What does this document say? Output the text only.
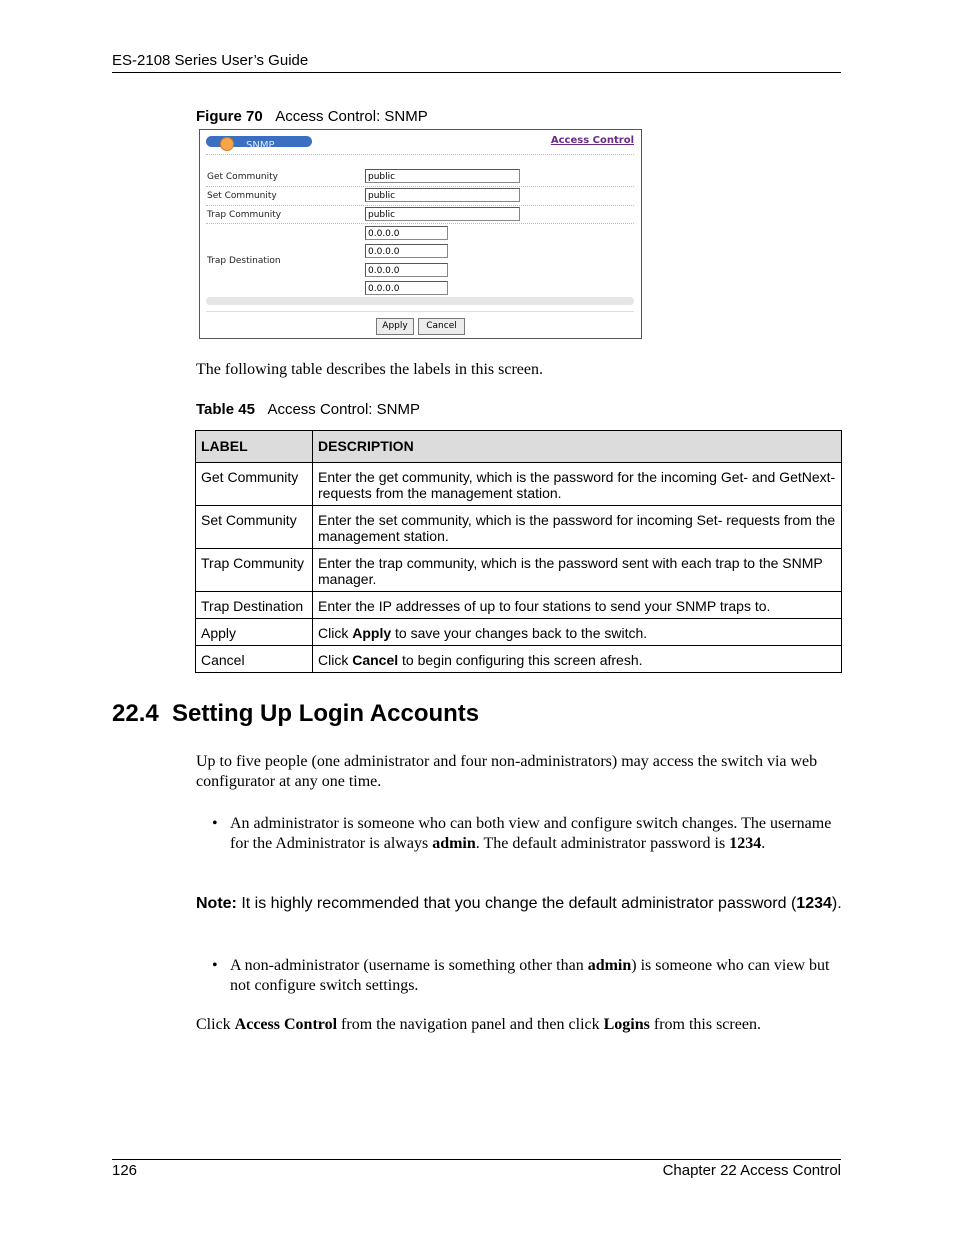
ES-2108 Series User’s Guide
Figure 70 Access Control: SNMP
SNMP	Access Control
Get Community	public
Set Community	public
Trap Community	public
Trap Destination
0.0.0.0
0.0.0.0
0.0.0.0
0.0.0.0
Apply	Cancel
The following table describes the labels in this screen.
Table 45 Access Control: SNMP
LABEL	DESCRIPTION
Get Community	Enter the get community, which is the password for the incoming Get- and GetNext- requests from the management station.
Set Community	Enter the set community, which is the password for incoming Set- requests from the management station.
Trap Community	Enter the trap community, which is the password sent with each trap to the SNMP manager.
Trap Destination	Enter the IP addresses of up to four stations to send your SNMP traps to.
Apply	Click Apply to save your changes back to the switch.
Cancel	Click Cancel to begin configuring this screen afresh.
22.4  Setting Up Login Accounts
Up to five people (one administrator and four non-administrators) may access the switch via web configurator at any one time.
• An administrator is someone who can both view and configure switch changes. The username for the Administrator is always admin. The default administrator password is 1234.
Note: It is highly recommended that you change the default administrator password (1234).
• A non-administrator (username is something other than admin) is someone who can view but not configure switch settings.
Click Access Control from the navigation panel and then click Logins from this screen.
126	Chapter 22 Access Control
